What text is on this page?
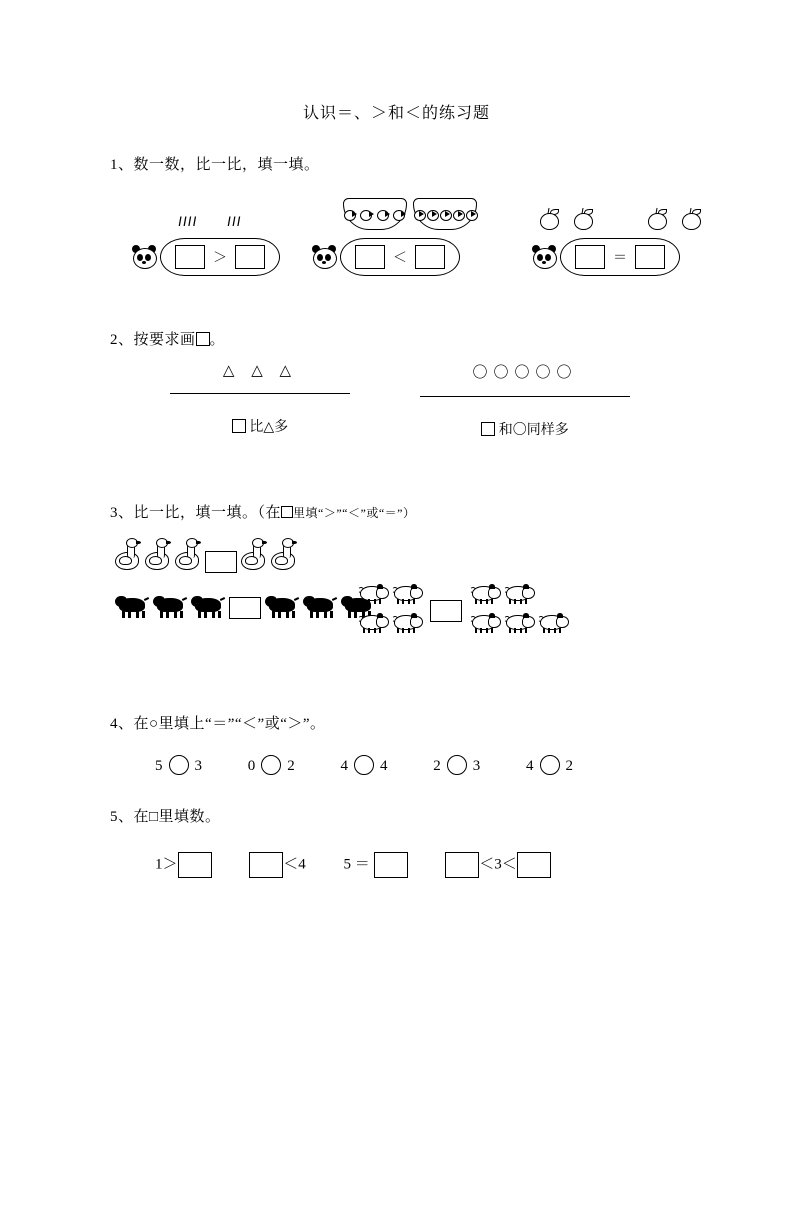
认识＝、＞和＜的练习题
1、数一数，比一比，填一填。
ⅠⅠⅠⅠ ⅠⅠⅠ
＞	＜	＝
2、按要求画 。
△ △ △
比△多
〇〇〇〇〇
和〇同样多
3、比一比，填一填。（在 里填“＞”“＜”或“＝”）

4、在○里填上“＝”“＜”或“＞”。
5 3	0 2	4 4	2 3	4 2
5、在□里填数。
1＞	＜4	5 ＝	＜3＜
